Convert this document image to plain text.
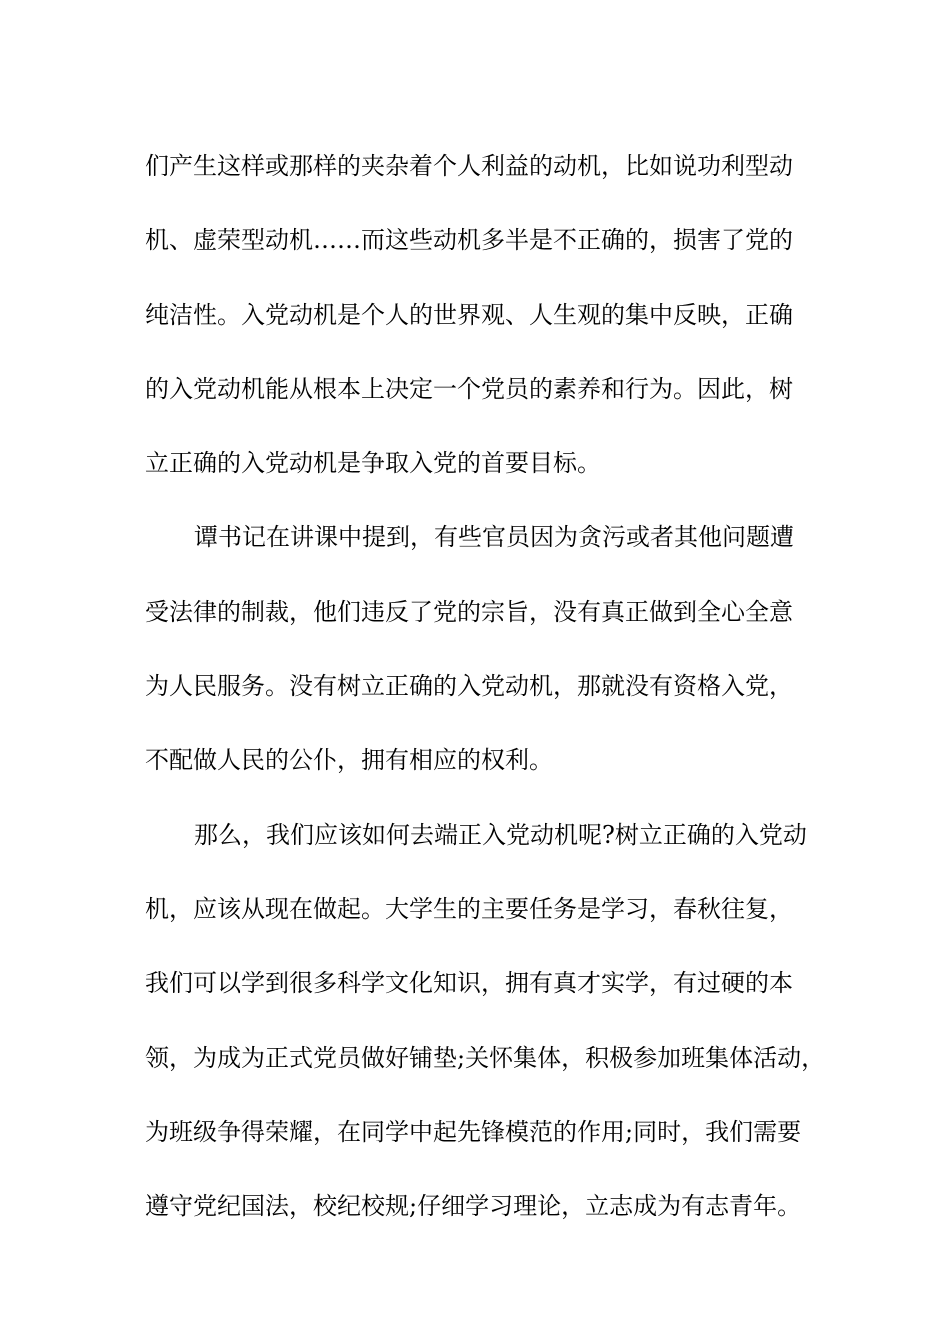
们产生这样或那样的夹杂着个人利益的动机，比如说功利型动
机、虚荣型动机……而这些动机多半是不正确的，损害了党的
纯洁性。入党动机是个人的世界观、人生观的集中反映，正确
的入党动机能从根本上决定一个党员的素养和行为。因此，树
立正确的入党动机是争取入党的首要目标。
谭书记在讲课中提到，有些官员因为贪污或者其他问题遭
受法律的制裁，他们违反了党的宗旨，没有真正做到全心全意
为人民服务。没有树立正确的入党动机，那就没有资格入党，
不配做人民的公仆，拥有相应的权利。
那么，我们应该如何去端正入党动机呢?树立正确的入党动
机，应该从现在做起。大学生的主要任务是学习，春秋往复，
我们可以学到很多科学文化知识，拥有真才实学，有过硬的本
领，为成为正式党员做好铺垫;关怀集体，积极参加班集体活动，
为班级争得荣耀，在同学中起先锋模范的作用;同时，我们需要
遵守党纪国法，校纪校规;仔细学习理论，立志成为有志青年。
